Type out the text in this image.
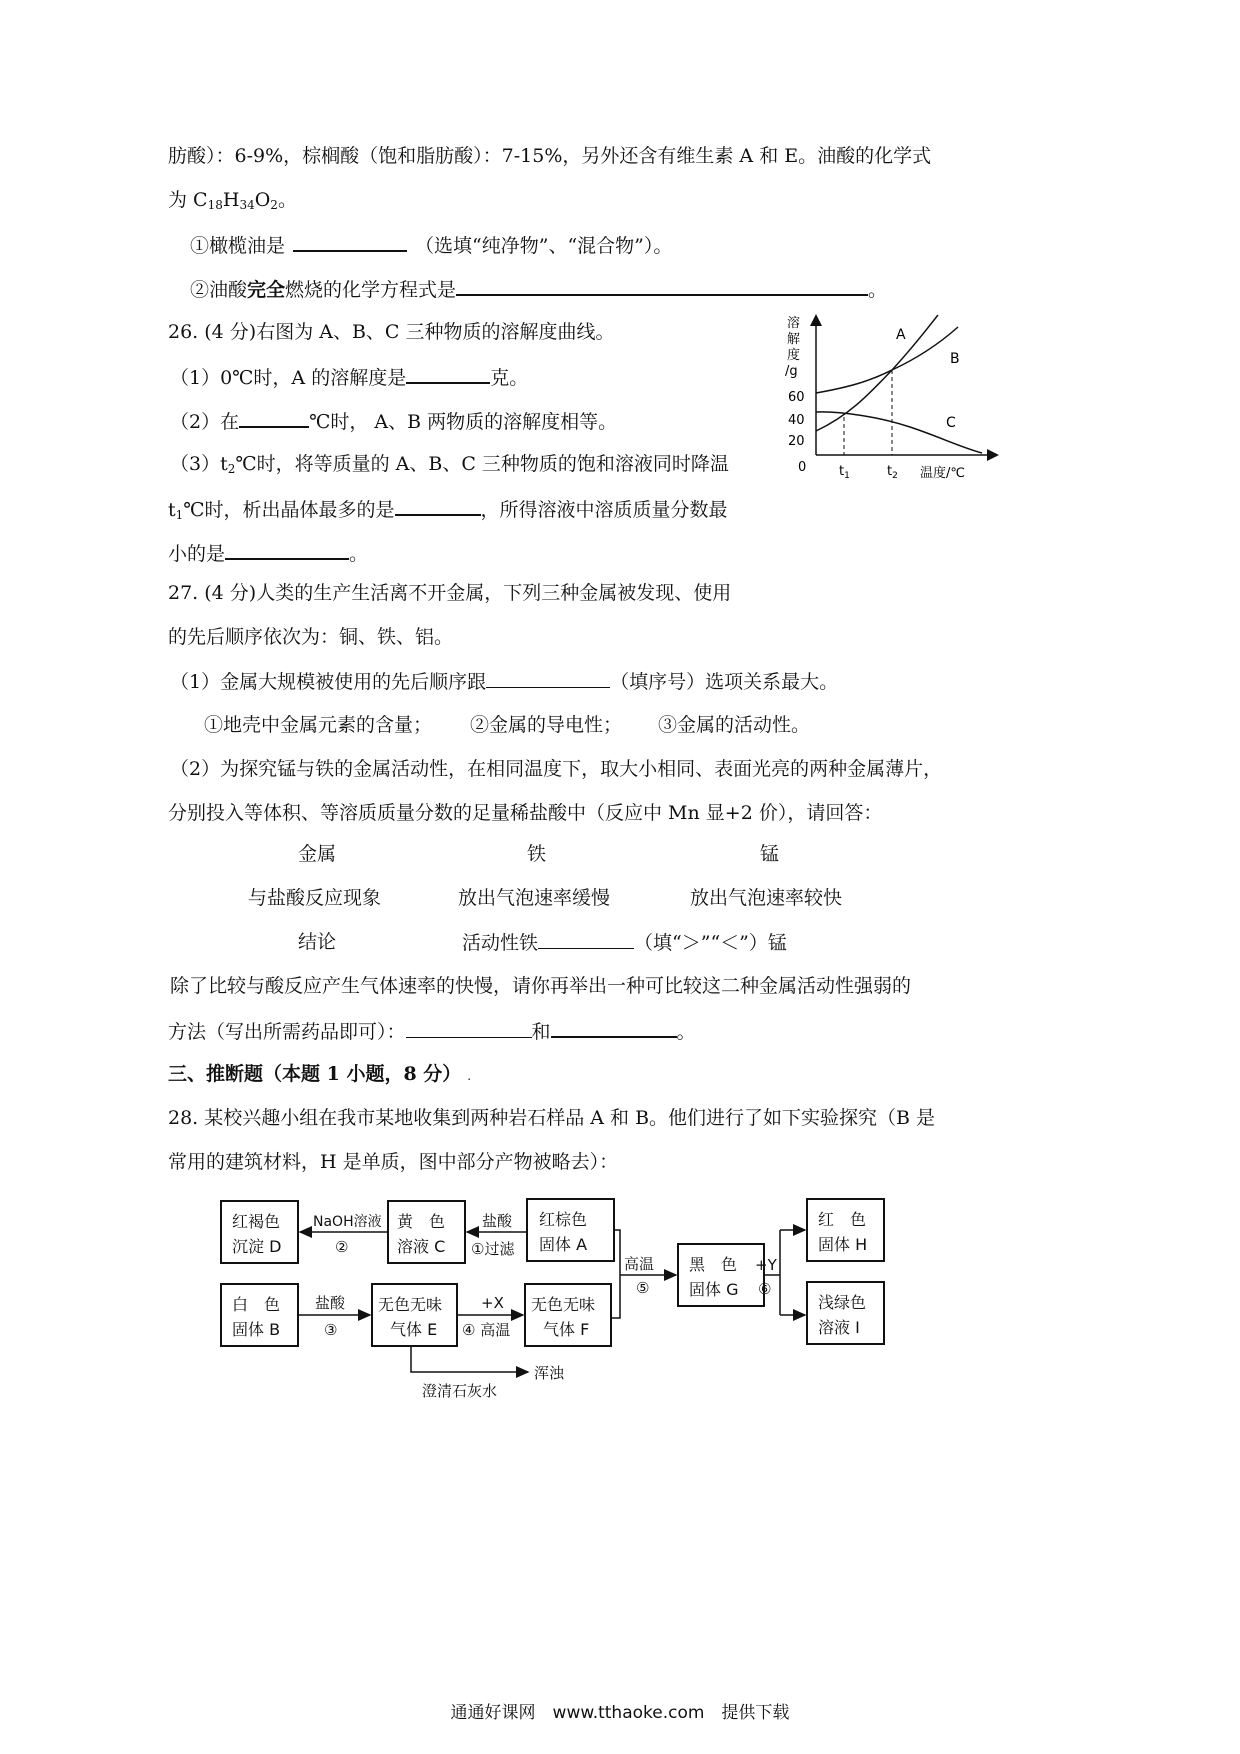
肪酸）：6-9%，棕榈酸（饱和脂肪酸）：7-15%，另外还含有维生素 A 和 E。油酸的化学式
为 $C_{18}H_{34}O_2$。
①橄榄油是	（选填“纯净物”、“混合物”）。
②油酸完全燃烧的化学方程式是	。
26. (4 分)右图为 A、B、C 三种物质的溶解度曲线。
（1）0℃时，A 的溶解度是	克。
（2）在	℃时， A、B 两物质的溶解度相等。
$(3)t_2℃$时，将等质量的 A、B、C 三种物质的饱和溶液同时降温
$t_1℃$时，析出晶体最多的是	，所得溶液中溶质质量分数最
小的是	。
溶
解
度
/g
60
40
20
0	$t_1$	$t_2$ 温度/℃
A
B
C
27. (4 分)人类的生产生活离不开金属，下列三种金属被发现、使用
的先后顺序依次为：铜、铁、铝。
（1）金属大规模被使用的先后顺序跟	（填序号）选项关系最大。
①地壳中金属元素的含量； ②金属的导电性； ③金属的活动性。
（2）为探究锰与铁的金属活动性，在相同温度下，取大小相同、表面光亮的两种金属薄片，
分别投入等体积、等溶质质量分数的足量稀盐酸中（反应中 Mn 显+2 价），请回答：
金属	铁	锰
与盐酸反应现象	放出气泡速率缓慢	放出气泡速率较快
结论	活动性铁	（填“＞”“＜”）锰
除了比较与酸反应产生气体速率的快慢，请你再举出一种可比较这二种金属活动性强弱的
方法（写出所需药品即可）：	和	。
三、推断题（本题 1 小题，8 分） .
28. 某校兴趣小组在我市某地收集到两种岩石样品 A 和 B。他们进行了如下实验探究（B 是
常用的建筑材料，H 是单质，图中部分产物被略去）：
红褐色
沉淀 D
黄　色
溶液 C
红棕色
固体 A
黑　色
固体 G
红　色
固体 H
浅绿色
溶液 I
白　色
固体 B
无色无味
气体 E
无色无味
气体 F
NaOH溶液
②
盐酸
①过滤
高温
⑤
+Y
⑥
盐酸
③
+X
④ 高温
澄清石灰水
浑浊
通通好课网　www.tthaoke.com　提供下载
